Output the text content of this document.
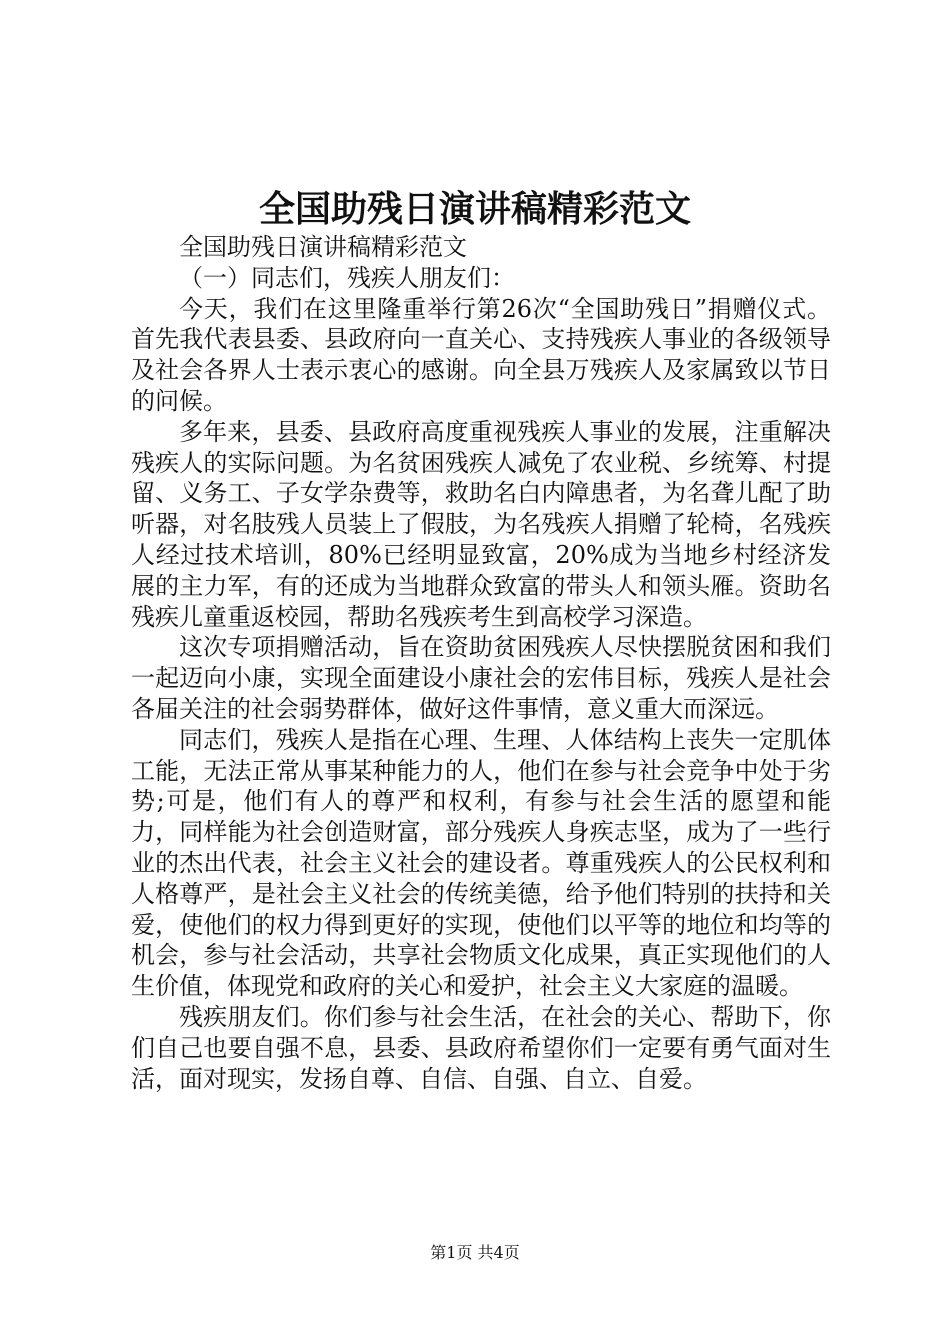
全国助残日演讲稿精彩范文

全国助残日演讲稿精彩范文

（一）同志们，残疾人朋友们：

今天，我们在这里隆重举行第26次“全国助残日”捐赠仪式。首先我代表县委、县政府向一直关心、支持残疾人事业的各级领导及社会各界人士表示衷心的感谢。向全县万残疾人及家属致以节日的问候。

多年来，县委、县政府高度重视残疾人事业的发展，注重解决残疾人的实际问题。为名贫困残疾人减免了农业税、乡统筹、村提留、义务工、子女学杂费等，救助名白内障患者，为名聋儿配了助听器，对名肢残人员装上了假肢，为名残疾人捐赠了轮椅，名残疾人经过技术培训，80%已经明显致富，20%成为当地乡村经济发展的主力军，有的还成为当地群众致富的带头人和领头雁。资助名残疾儿童重返校园，帮助名残疾考生到高校学习深造。

这次专项捐赠活动，旨在资助贫困残疾人尽快摆脱贫困和我们一起迈向小康，实现全面建设小康社会的宏伟目标，残疾人是社会各届关注的社会弱势群体，做好这件事情，意义重大而深远。

同志们，残疾人是指在心理、生理、人体结构上丧失一定肌体工能，无法正常从事某种能力的人，他们在参与社会竞争中处于劣势;可是，他们有人的尊严和权利，有参与社会生活的愿望和能力，同样能为社会创造财富，部分残疾人身疾志坚，成为了一些行业的杰出代表，社会主义社会的建设者。尊重残疾人的公民权利和人格尊严，是社会主义社会的传统美德，给予他们特别的扶持和关爱，使他们的权力得到更好的实现，使他们以平等的地位和均等的机会，参与社会活动，共享社会物质文化成果，真正实现他们的人生价值，体现党和政府的关心和爱护，社会主义大家庭的温暖。

残疾朋友们。你们参与社会生活，在社会的关心、帮助下，你们自己也要自强不息，县委、县政府希望你们一定要有勇气面对生活，面对现实，发扬自尊、自信、自强、自立、自爱。

第1页 共4页
